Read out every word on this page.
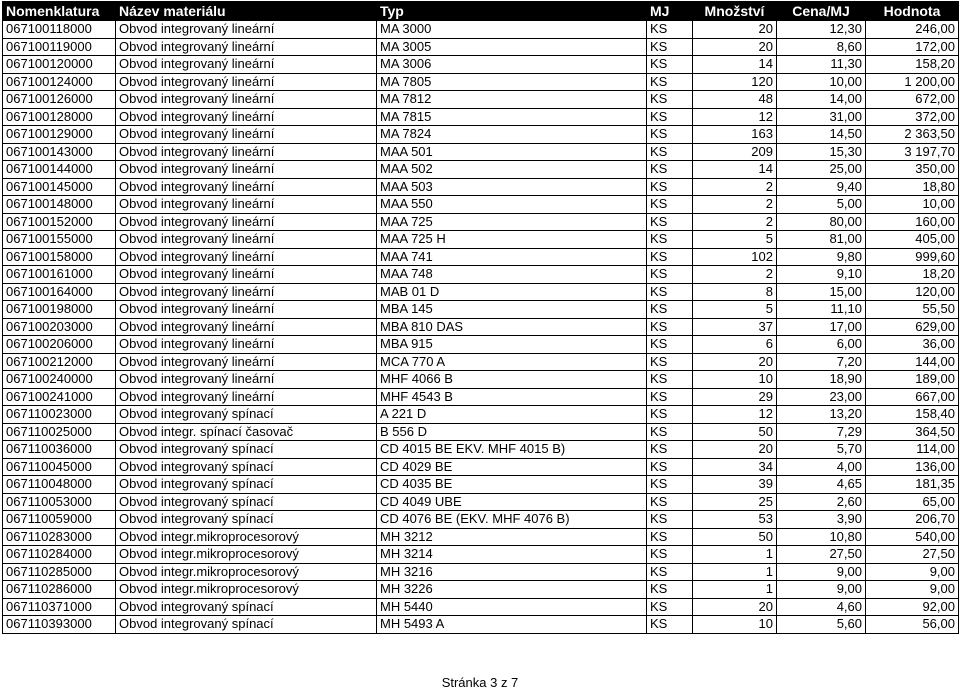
Nomenklatura	Název materiálu	Typ	MJ	Množství	Cena/MJ	Hodnota
067100118000	Obvod integrovaný lineární	MA 3000	KS	20	12,30	246,00
067100119000	Obvod integrovaný lineární	MA 3005	KS	20	8,60	172,00
067100120000	Obvod integrovaný lineární	MA 3006	KS	14	11,30	158,20
067100124000	Obvod integrovaný lineární	MA 7805	KS	120	10,00	1 200,00
067100126000	Obvod integrovaný lineární	MA 7812	KS	48	14,00	672,00
067100128000	Obvod integrovaný lineární	MA 7815	KS	12	31,00	372,00
067100129000	Obvod integrovaný lineární	MA 7824	KS	163	14,50	2 363,50
067100143000	Obvod integrovaný lineární	MAA 501	KS	209	15,30	3 197,70
067100144000	Obvod integrovaný lineární	MAA 502	KS	14	25,00	350,00
067100145000	Obvod integrovaný lineární	MAA 503	KS	2	9,40	18,80
067100148000	Obvod integrovaný lineární	MAA 550	KS	2	5,00	10,00
067100152000	Obvod integrovaný lineární	MAA 725	KS	2	80,00	160,00
067100155000	Obvod integrovaný lineární	MAA 725 H	KS	5	81,00	405,00
067100158000	Obvod integrovaný lineární	MAA 741	KS	102	9,80	999,60
067100161000	Obvod integrovaný lineární	MAA 748	KS	2	9,10	18,20
067100164000	Obvod integrovaný lineární	MAB 01 D	KS	8	15,00	120,00
067100198000	Obvod integrovaný lineární	MBA 145	KS	5	11,10	55,50
067100203000	Obvod integrovaný lineární	MBA 810 DAS	KS	37	17,00	629,00
067100206000	Obvod integrovaný lineární	MBA 915	KS	6	6,00	36,00
067100212000	Obvod integrovaný lineární	MCA 770 A	KS	20	7,20	144,00
067100240000	Obvod integrovaný lineární	MHF 4066 B	KS	10	18,90	189,00
067100241000	Obvod integrovaný lineární	MHF 4543 B	KS	29	23,00	667,00
067110023000	Obvod integrovaný spínací	A 221 D	KS	12	13,20	158,40
067110025000	Obvod integr. spínací časovač	B 556 D	KS	50	7,29	364,50
067110036000	Obvod integrovaný spínací	CD 4015 BE EKV. MHF 4015 B)	KS	20	5,70	114,00
067110045000	Obvod integrovaný spínací	CD 4029 BE	KS	34	4,00	136,00
067110048000	Obvod integrovaný spínací	CD 4035 BE	KS	39	4,65	181,35
067110053000	Obvod integrovaný spínací	CD 4049 UBE	KS	25	2,60	65,00
067110059000	Obvod integrovaný spínací	CD 4076 BE (EKV. MHF 4076 B)	KS	53	3,90	206,70
067110283000	Obvod integr.mikroprocesorový	MH 3212	KS	50	10,80	540,00
067110284000	Obvod integr.mikroprocesorový	MH 3214	KS	1	27,50	27,50
067110285000	Obvod integr.mikroprocesorový	MH 3216	KS	1	9,00	9,00
067110286000	Obvod integr.mikroprocesorový	MH 3226	KS	1	9,00	9,00
067110371000	Obvod integrovaný spínací	MH 5440	KS	20	4,60	92,00
067110393000	Obvod integrovaný spínací	MH 5493 A	KS	10	5,60	56,00
Stránka 3 z 7
